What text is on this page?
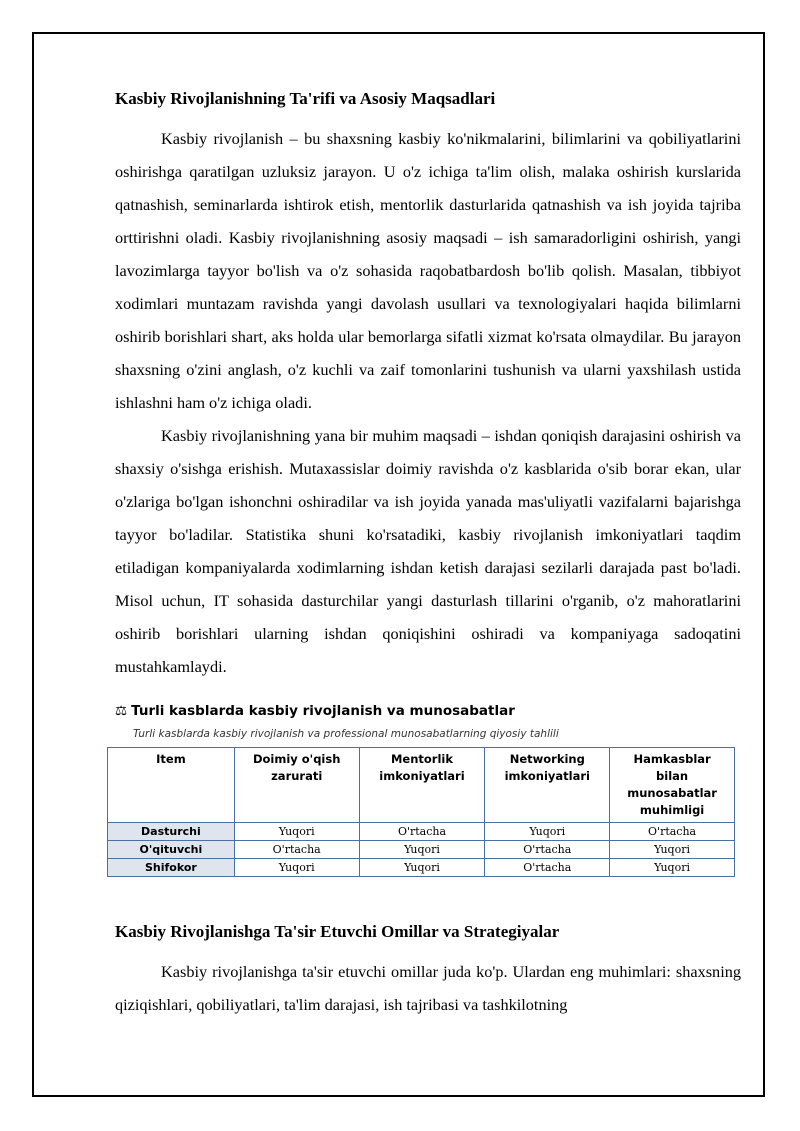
Kasbiy Rivojlanishning Ta'rifi va Asosiy Maqsadlari

Kasbiy rivojlanish – bu shaxsning kasbiy ko'nikmalarini, bilimlarini va qobiliyatlarini oshirishga qaratilgan uzluksiz jarayon. U o'z ichiga ta'lim olish, malaka oshirish kurslarida qatnashish, seminarlarda ishtirok etish, mentorlik dasturlarida qatnashish va ish joyida tajriba orttirishni oladi. Kasbiy rivojlanishning asosiy maqsadi – ish samaradorligini oshirish, yangi lavozimlarga tayyor bo'lish va o'z sohasida raqobatbardosh bo'lib qolish. Masalan, tibbiyot xodimlari muntazam ravishda yangi davolash usullari va texnologiyalari haqida bilimlarni oshirib borishlari shart, aks holda ular bemorlarga sifatli xizmat ko'rsata olmaydilar. Bu jarayon shaxsning o'zini anglash, o'z kuchli va zaif tomonlarini tushunish va ularni yaxshilash ustida ishlashni ham o'z ichiga oladi.

Kasbiy rivojlanishning yana bir muhim maqsadi – ishdan qoniqish darajasini oshirish va shaxsiy o'sishga erishish. Mutaxassislar doimiy ravishda o'z kasblarida o'sib borar ekan, ular o'zlariga bo'lgan ishonchni oshiradilar va ish joyida yanada mas'uliyatli vazifalarni bajarishga tayyor bo'ladilar. Statistika shuni ko'rsatadiki, kasbiy rivojlanish imkoniyatlari taqdim etiladigan kompaniyalarda xodimlarning ishdan ketish darajasi sezilarli darajada past bo'ladi. Misol uchun, IT sohasida dasturchilar yangi dasturlash tillarini o'rganib, o'z mahoratlarini oshirib borishlari ularning ishdan qoniqishini oshiradi va kompaniyaga sadoqatini mustahkamlaydi.

⚖ Turli kasblarda kasbiy rivojlanish va munosabatlar
Turli kasblarda kasbiy rivojlanish va professional munosabatlarning qiyosiy tahlili
Item	Doimiy o'qish zarurati	Mentorlik imkoniyatlari	Networking imkoniyatlari	Hamkasblar bilan munosabatlar muhimligi
Dasturchi	Yuqori	O'rtacha	Yuqori	O'rtacha
O'qituvchi	O'rtacha	Yuqori	O'rtacha	Yuqori
Shifokor	Yuqori	Yuqori	O'rtacha	Yuqori
Kasbiy Rivojlanishga Ta'sir Etuvchi Omillar va Strategiyalar

Kasbiy rivojlanishga ta'sir etuvchi omillar juda ko'p. Ulardan eng muhimlari: shaxsning qiziqishlari, qobiliyatlari, ta'lim darajasi, ish tajribasi va tashkilotning
